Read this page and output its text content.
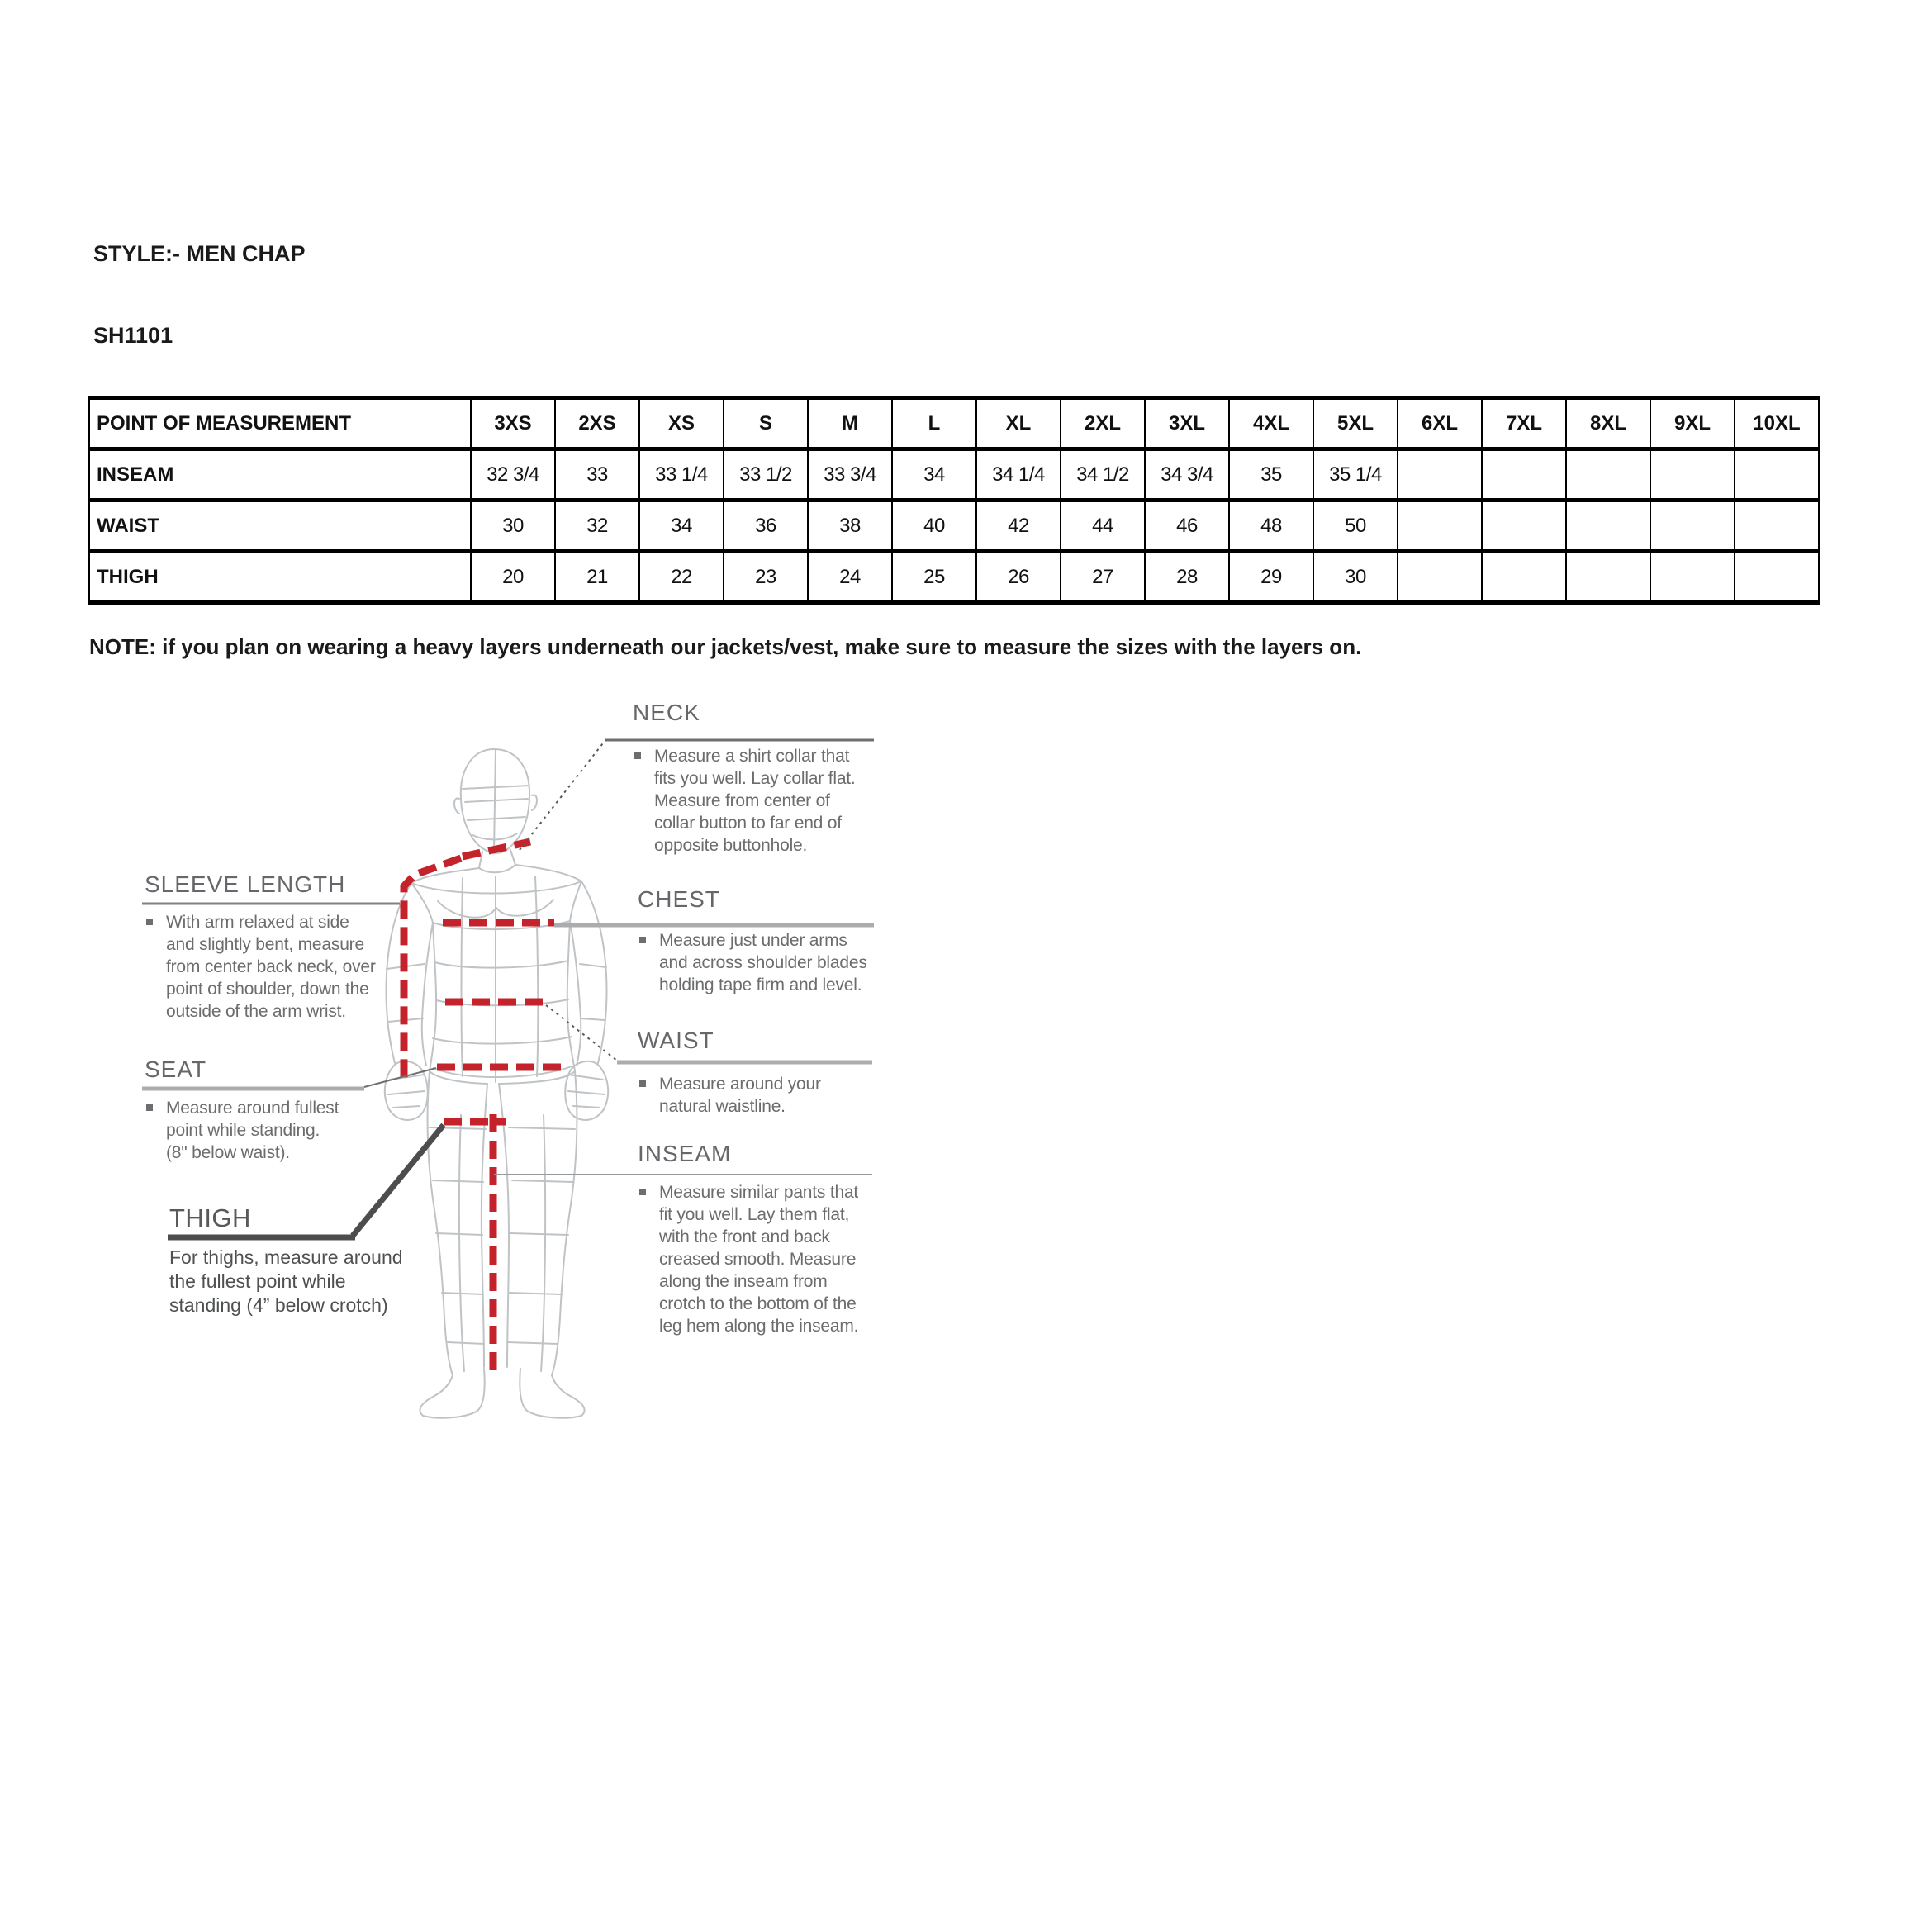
STYLE:- MEN CHAP
SH1101
POINT OF MEASUREMENT	3XS	2XS	XS	S	M	L	XL	2XL	3XL	4XL	5XL	6XL	7XL	8XL	9XL	10XL
INSEAM	32 3/4	33	33 1/4	33 1/2	33 3/4	34	34 1/4	34 1/2	34 3/4	35	35 1/4					
WAIST	30	32	34	36	38	40	42	44	46	48	50					
THIGH	20	21	22	23	24	25	26	27	28	29	30					
NOTE: if you plan on wearing a heavy layers underneath our jackets/vest, make sure to measure the sizes with the layers on.
NECK
Measure a shirt collar that
fits you well. Lay collar flat.
Measure from center of
collar button to far end of
opposite buttonhole.
CHEST
Measure just under arms
and across shoulder blades
holding tape firm and level.
WAIST
Measure around your
natural waistline.
INSEAM
Measure similar pants that
fit you well. Lay them flat,
with the front and back
creased smooth. Measure
along the inseam from
crotch to the bottom of the
leg hem along the inseam.
SLEEVE LENGTH
With arm relaxed at side
and slightly bent, measure
from center back neck, over
point of shoulder, down the
outside of the arm wrist.
SEAT
Measure around fullest
point while standing.
(8" below waist).
THIGH
For thighs, measure around
the fullest point while
standing (4” below crotch)
